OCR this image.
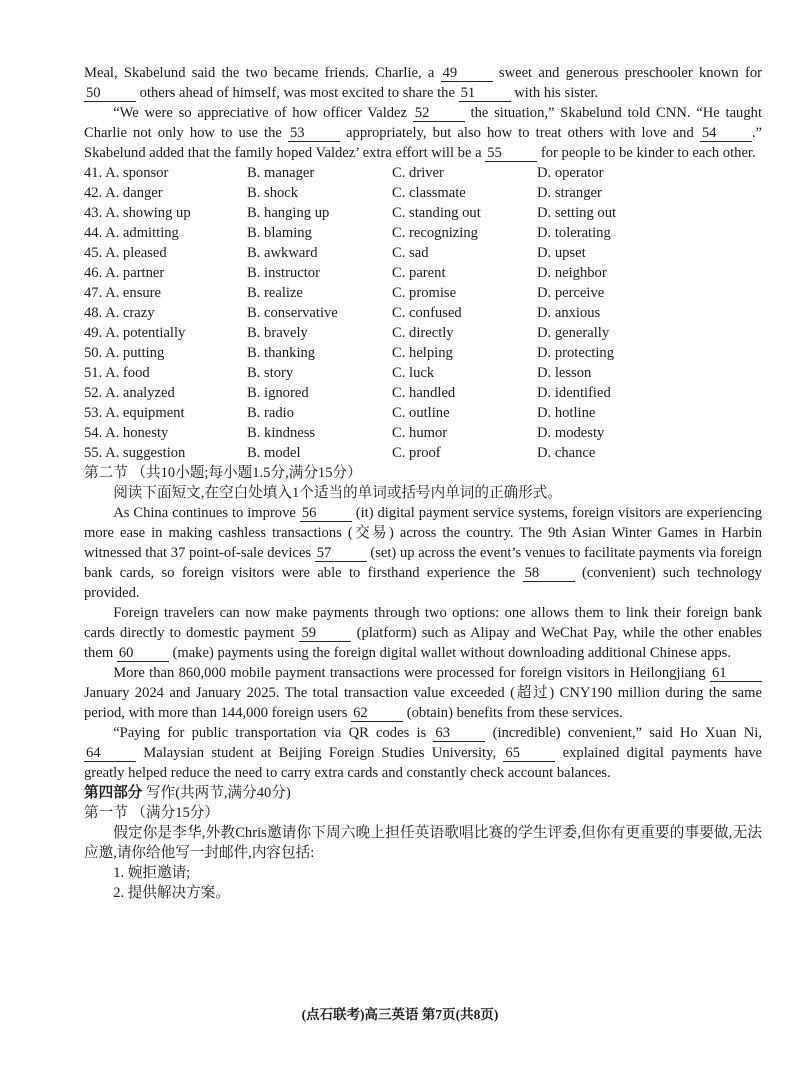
Meal, Skabelund said the two became friends. Charlie, a 49 sweet and generous preschooler known for 50 others ahead of himself, was most excited to share the 51 with his sister.

“We were so appreciative of how officer Valdez 52 the situation,” Skabelund told CNN. “He taught Charlie not only how to use the 53 appropriately, but also how to treat others with love and 54 .” Skabelund added that the family hoped Valdez’ extra effort will be a 55 for people to be kinder to each other.

41. A. sponsor	B. manager	C. driver	D. operator
42. A. danger	B. shock	C. classmate	D. stranger
43. A. showing up	B. hanging up	C. standing out	D. setting out
44. A. admitting	B. blaming	C. recognizing	D. tolerating
45. A. pleased	B. awkward	C. sad	D. upset
46. A. partner	B. instructor	C. parent	D. neighbor
47. A. ensure	B. realize	C. promise	D. perceive
48. A. crazy	B. conservative	C. confused	D. anxious
49. A. potentially	B. bravely	C. directly	D. generally
50. A. putting	B. thanking	C. helping	D. protecting
51. A. food	B. story	C. luck	D. lesson
52. A. analyzed	B. ignored	C. handled	D. identified
53. A. equipment	B. radio	C. outline	D. hotline
54. A. honesty	B. kindness	C. humor	D. modesty
55. A. suggestion	B. model	C. proof	D. chance
第二节 （共10小题;每小题1.5分,满分15分）
阅读下面短文,在空白处填入1个适当的单词或括号内单词的正确形式。

As China continues to improve 56 (it) digital payment service systems, foreign visitors are experiencing more ease in making cashless transactions (交易) across the country. The 9th Asian Winter Games in Harbin witnessed that 37 point-of-sale devices 57 (set) up across the event’s venues to facilitate payments via foreign bank cards, so foreign visitors were able to firsthand experience the 58 (convenient) such technology provided.

Foreign travelers can now make payments through two options: one allows them to link their foreign bank cards directly to domestic payment 59 (platform) such as Alipay and WeChat Pay, while the other enables them 60 (make) payments using the foreign digital wallet without downloading additional Chinese apps.

More than 860,000 mobile payment transactions were processed for foreign visitors in Heilongjiang 61 January 2024 and January 2025. The total transaction value exceeded (超过) CNY190 million during the same period, with more than 144,000 foreign users 62 (obtain) benefits from these services.

“Paying for public transportation via QR codes is 63 (incredible) convenient,” said Ho Xuan Ni, 64 Malaysian student at Beijing Foreign Studies University, 65 explained digital payments have greatly helped reduce the need to carry extra cards and constantly check account balances.

第四部分 写作(共两节,满分40分)
第一节 （满分15分）
假定你是李华,外教Chris邀请你下周六晚上担任英语歌唱比赛的学生评委,但你有更重要的事要做,无法应邀,请你给他写一封邮件,内容包括:
1. 婉拒邀请;
2. 提供解决方案。
(点石联考)高三英语 第7页(共8页)
